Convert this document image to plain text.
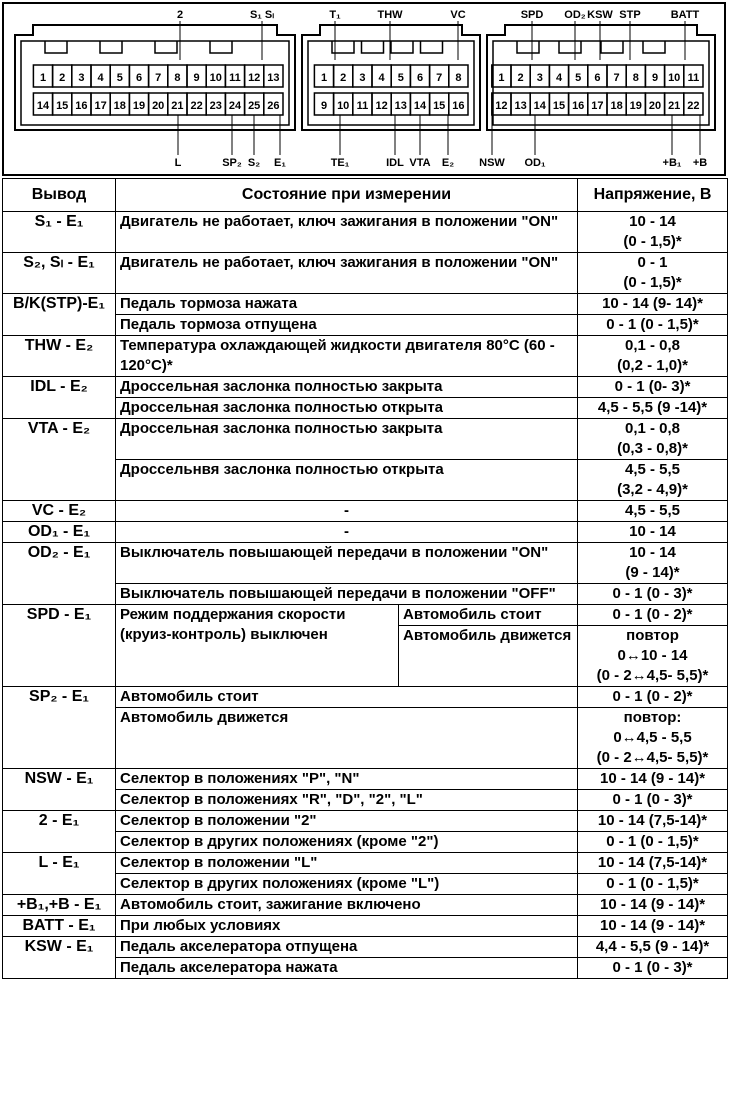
13
12
11
10
9
8
7
6
5
4
3
2
1
26
25
24
23
22
21
20
19
18
17
16
15
14
8
7
6
5
4
3
2
1
16
15
14
13
12
11
10
9
11
10
9
8
7
6
5
4
3
2
1
22
21
20
19
18
17
16
15
14
13
12
2	S₁ Sₗ	T₁	THW	VC	SPD OD₂ KSW STP	BATT
L	SP₂ S₂ E₁	TE₁	IDL VTA E₂ NSW OD₁	+B₁ +B
Вывод	Состояние при измерении		Напряжение, В
S₁ - E₁	Двигатель не работает, ключ зажигания в положении "ON"		10 - 14
(0 - 1,5)*

S₂, Sₗ - E₁	Двигатель не работает, ключ зажигания в положении "ON"		0 - 1
(0 - 1,5)*

B/K(STP)-E₁	Педаль тормоза нажата		10 - 14 (9- 14)*

	Педаль тормоза отпущена		0 - 1 (0 - 1,5)*

THW - E₂	Температура охлаждающей жидкости двигателя 80°C (60 - 120°C)*		0,1 - 0,8
(0,2 - 1,0)*

IDL - E₂	Дроссельная заслонка полностью закрыта		0 - 1 (0- 3)*

	Дроссельная заслонка полностью открыта		4,5 - 5,5 (9 -14)*

VTA - E₂	Дроссельная заслонка полностью закрыта		0,1 - 0,8
(0,3 - 0,8)*

	Дроссельнвя заслонка полностью открыта		4,5 - 5,5
(3,2 - 4,9)*

VC - E₂	-		4,5 - 5,5

OD₁ - E₁	-		10 - 14

OD₂ - E₁	Выключатель повышающей передачи в положении "ON"		10 - 14
(9 - 14)*

	Выключатель повышающей передачи в положении "OFF"		0 - 1 (0 - 3)*

SPD - E₁	Режим поддержания скорости (круиз-контроль) выключен	Автомобиль стоит	0 - 1 (0 - 2)*

		Автомобиль движется	повтор
0↔10 - 14
(0 - 2↔4,5- 5,5)*

SP₂ - E₁	Автомобиль стоит		0 - 1 (0 - 2)*

	Автомобиль движется		повтор:
0↔4,5 - 5,5
(0 - 2↔4,5- 5,5)*

NSW - E₁	Селектор в положениях "P", "N"		10 - 14 (9 - 14)*

	Селектор в положениях "R", "D", "2", "L"		0 - 1 (0 - 3)*

2 - E₁	Селектор в положении "2"		10 - 14 (7,5-14)*

	Селектор в других положениях (кроме "2")		0 - 1 (0 - 1,5)*

L - E₁	Селектор в положении "L"		10 - 14 (7,5-14)*

	Селектор в других положениях (кроме "L")		0 - 1 (0 - 1,5)*

+B₁,+B - E₁	Автомобиль стоит, зажигание включено		10 - 14 (9 - 14)*

BATT - E₁	При любых условиях		10 - 14 (9 - 14)*

KSW - E₁	Педаль акселератора отпущена		4,4 - 5,5 (9 - 14)*

	Педаль акселератора нажата		0 - 1 (0 - 3)*
